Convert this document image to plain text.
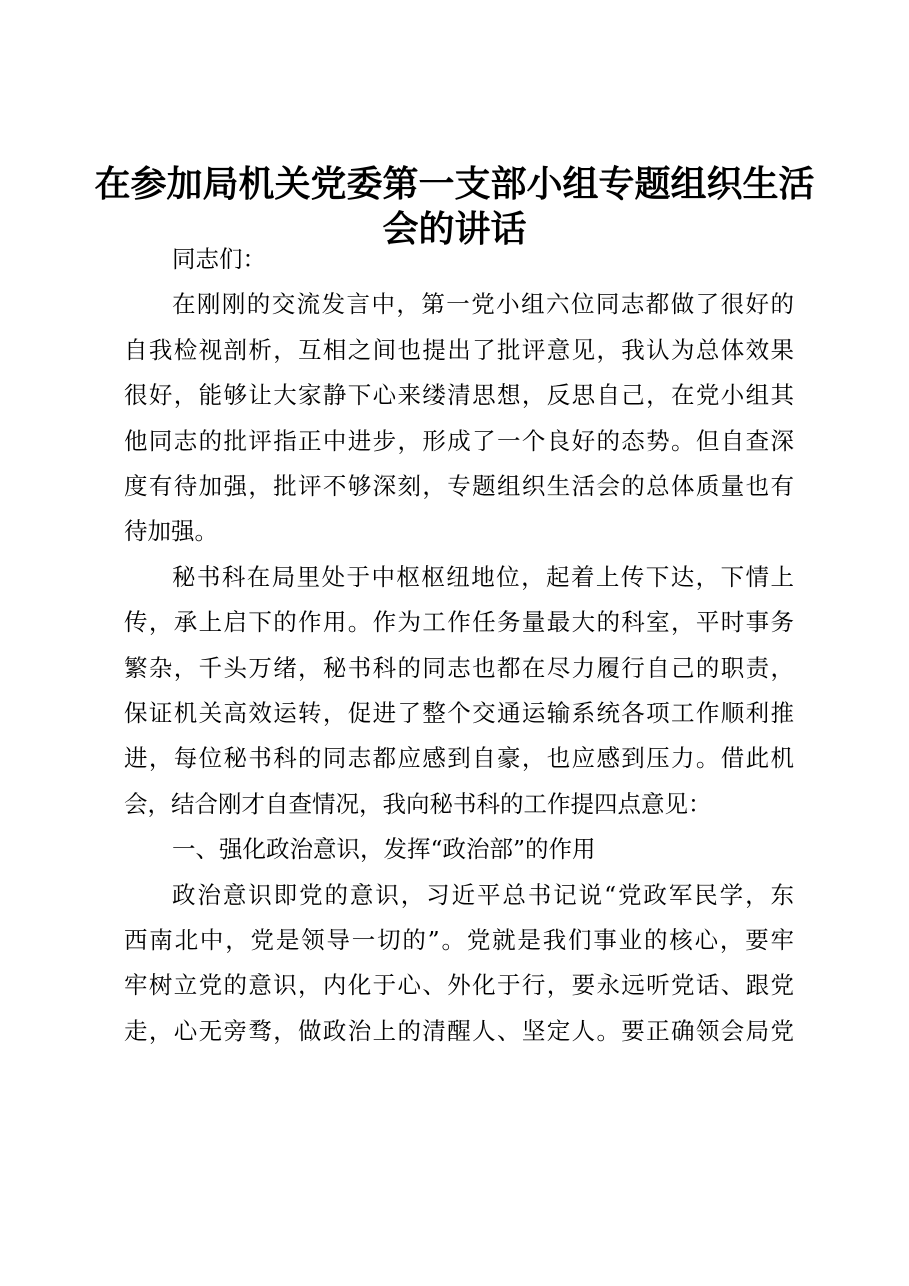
在参加局机关党委第一支部小组专题组织生活
会的讲话
同志们：
在刚刚的交流发言中，第一党小组六位同志都做了很好的
自我检视剖析，互相之间也提出了批评意见，我认为总体效果
很好，能够让大家静下心来缕清思想，反思自己，在党小组其
他同志的批评指正中进步，形成了一个良好的态势。但自查深
度有待加强，批评不够深刻，专题组织生活会的总体质量也有
待加强。
秘书科在局里处于中枢枢纽地位，起着上传下达，下情上
传，承上启下的作用。作为工作任务量最大的科室，平时事务
繁杂，千头万绪，秘书科的同志也都在尽力履行自己的职责，
保证机关高效运转，促进了整个交通运输系统各项工作顺利推
进，每位秘书科的同志都应感到自豪，也应感到压力。借此机
会，结合刚才自查情况，我向秘书科的工作提四点意见：
一、强化政治意识，发挥“政治部”的作用
政治意识即党的意识，习近平总书记说“党政军民学，东
西南北中，党是领导一切的”。党就是我们事业的核心，要牢
牢树立党的意识，内化于心、外化于行，要永远听党话、跟党
走，心无旁骛，做政治上的清醒人、坚定人。要正确领会局党
